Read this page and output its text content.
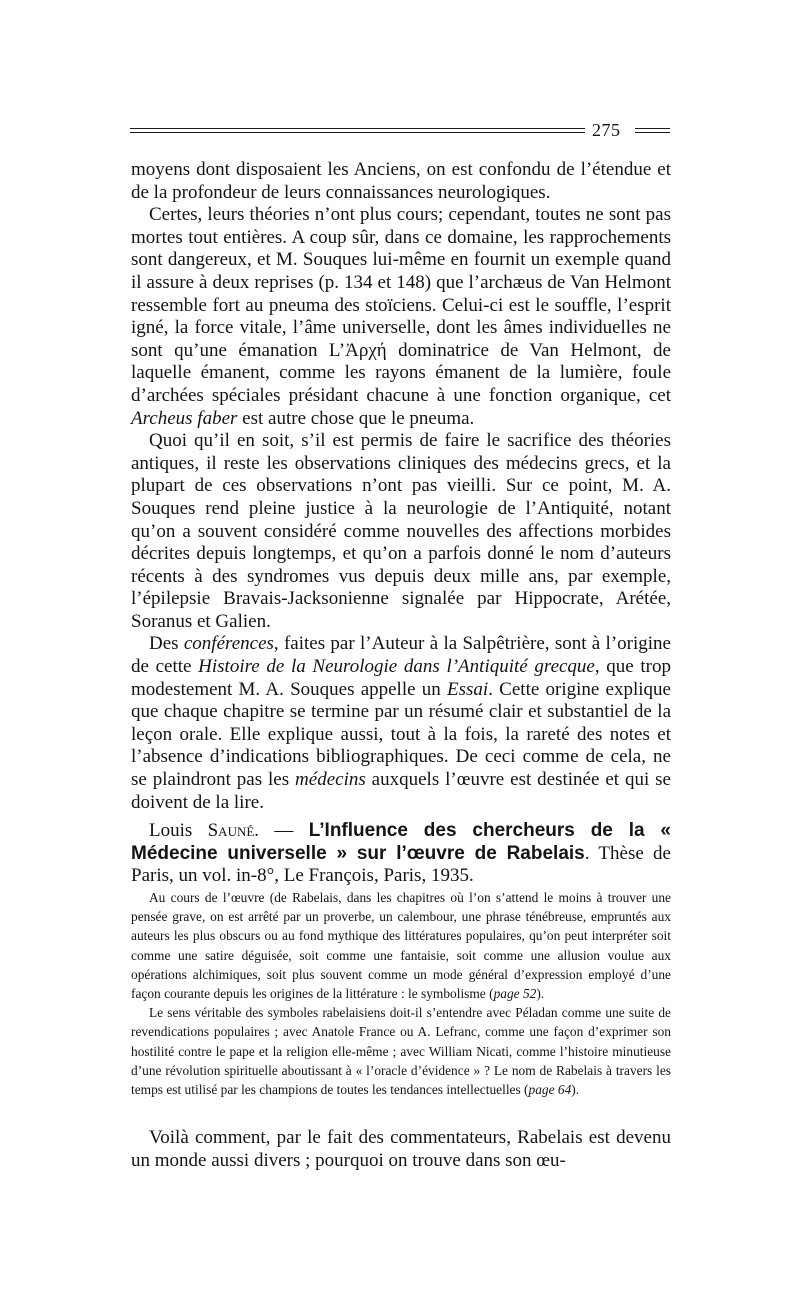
275

moyens dont disposaient les Anciens, on est confondu de l’étendue et de la profondeur de leurs connaissances neurologiques.

Certes, leurs théories n’ont plus cours; cependant, toutes ne sont pas mortes tout entières. A coup sûr, dans ce domaine, les rapprochements sont dangereux, et M. Souques lui-même en fournit un exemple quand il assure à deux reprises (p. 134 et 148) que l’archæus de Van Helmont ressemble fort au pneuma des stoïciens. Celui-ci est le souffle, l’esprit igné, la force vitale, l’âme universelle, dont les âmes individuelles ne sont qu’une émanation L’Ἀρχή dominatrice de Van Helmont, de laquelle émanent, comme les rayons émanent de la lumière, foule d’archées spéciales présidant chacune à une fonction organique, cet Archeus faber est autre chose que le pneuma.

Quoi qu’il en soit, s’il est permis de faire le sacrifice des théories antiques, il reste les observations cliniques des médecins grecs, et la plupart de ces observations n’ont pas vieilli. Sur ce point, M. A. Souques rend pleine justice à la neurologie de l’Antiquité, notant qu’on a souvent considéré comme nouvelles des affections morbides décrites depuis longtemps, et qu’on a parfois donné le nom d’auteurs récents à des syndromes vus depuis deux mille ans, par exemple, l’épilepsie Bravais-Jacksonienne signalée par Hippocrate, Arétée, Soranus et Galien.

Des conférences, faites par l’Auteur à la Salpêtrière, sont à l’origine de cette Histoire de la Neurologie dans l’Antiquité grecque, que trop modestement M. A. Souques appelle un Essai. Cette origine explique que chaque chapitre se termine par un résumé clair et substantiel de la leçon orale. Elle explique aussi, tout à la fois, la rareté des notes et l’absence d’indications bibliographiques. De ceci comme de cela, ne se plaindront pas les médecins auxquels l’œuvre est destinée et qui se doivent de la lire.

Louis Sauné. — L’Influence des chercheurs de la « Médecine universelle » sur l’œuvre de Rabelais. Thèse de Paris, un vol. in-8°, Le François, Paris, 1935.

Au cours de l’œuvre (de Rabelais, dans les chapitres où l’on s’attend le moins à trouver une pensée grave, on est arrêté par un proverbe, un calembour, une phrase ténébreuse, empruntés aux auteurs les plus obscurs ou au fond mythique des littératures populaires, qu’on peut interpréter soit comme une satire déguisée, soit comme une fantaisie, soit comme une allusion voulue aux opérations alchimiques, soit plus souvent comme un mode général d’expression employé d’une façon courante depuis les origines de la littérature : le symbolisme (page 52).

Le sens véritable des symboles rabelaisiens doit-il s’entendre avec Péladan comme une suite de revendications populaires ; avec Anatole France ou A. Lefranc, comme une façon d’exprimer son hostilité contre le pape et la religion elle-même ; avec William Nicati, comme l’histoire minutieuse d’une révolution spirituelle aboutissant à « l’oracle d’évidence » ? Le nom de Rabelais à travers les temps est utilisé par les champions de toutes les tendances intellectuelles (page 64).

Voilà comment, par le fait des commentateurs, Rabelais est devenu un monde aussi divers ; pourquoi on trouve dans son œu-
